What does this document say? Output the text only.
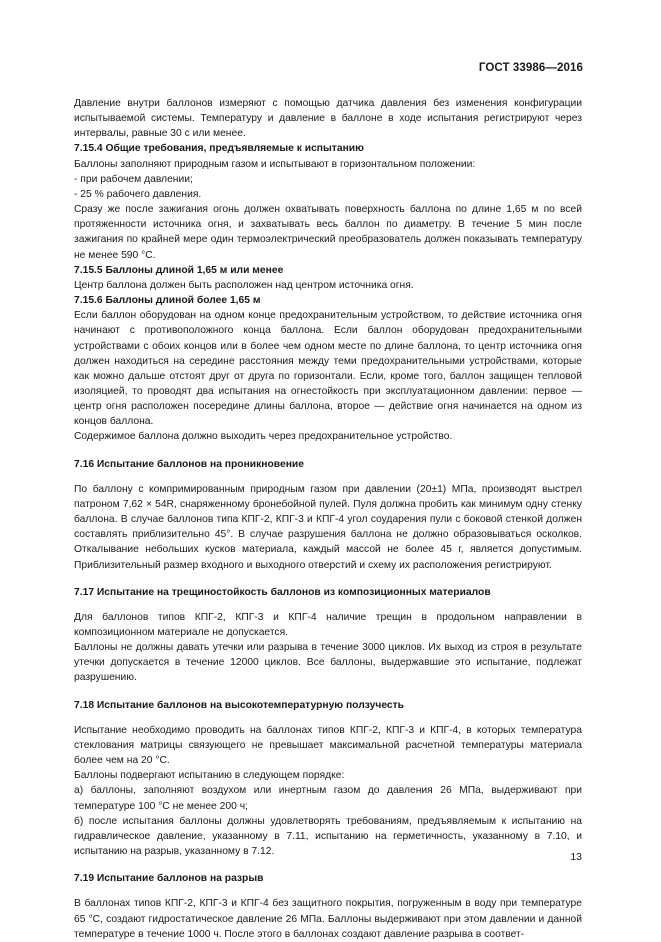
ГОСТ 33986—2016

Давление внутри баллонов измеряют с помощью датчика давления без изменения конфигурации испытываемой системы. Температуру и давление в баллоне в ходе испытания регистрируют через интервалы, равные 30 с или менее.

7.15.4 Общие требования, предъявляемые к испытанию

Баллоны заполняют природным газом и испытывают в горизонтальном положении:

- при рабочем давлении;

- 25 % рабочего давления.

Сразу же после зажигания огонь должен охватывать поверхность баллона по длине 1,65 м по всей протяженности источника огня, и захватывать весь баллон по диаметру. В течение 5 мин после зажигания по крайней мере один термоэлектрический преобразователь должен показывать температуру не менее 590 °С.

7.15.5 Баллоны длиной 1,65 м или менее

Центр баллона должен быть расположен над центром источника огня.

7.15.6 Баллоны длиной более 1,65 м

Если баллон оборудован на одном конце предохранительным устройством, то действие источника огня начинают с противоположного конца баллона. Если баллон оборудован предохранительными устройствами с обоих концов или в более чем одном месте по длине баллона, то центр источника огня должен находиться на середине расстояния между теми предохранительными устройствами, которые как можно дальше отстоят друг от друга по горизонтали. Если, кроме того, баллон защищен тепловой изоляцией, то проводят два испытания на огнестойкость при эксплуатационном давлении: первое — центр огня расположен посередине длины баллона, второе — действие огня начинается на одном из концов баллона.

Содержимое баллона должно выходить через предохранительное устройство.

7.16 Испытание баллонов на проникновение

По баллону с компримированным природным газом при давлении (20±1) МПа, производят выстрел патроном 7,62 × 54R, снаряженному бронебойной пулей. Пуля должна пробить как минимум одну стенку баллона. В случае баллонов типа КПГ-2, КПГ-3 и КПГ-4 угол соударения пули с боковой стенкой должен составлять приблизительно 45°. В случае разрушения баллона не должно образовываться осколков. Откалывание небольших кусков материала, каждый массой не более 45 г, является допустимым. Приблизительный размер входного и выходного отверстий и схему их расположения регистрируют.

7.17 Испытание на трещиностойкость баллонов из композиционных материалов

Для баллонов типов КПГ-2, КПГ-3 и КПГ-4 наличие трещин в продольном направлении в композиционном материале не допускается.

Баллоны не должны давать утечки или разрыва в течение 3000 циклов. Их выход из строя в результате утечки допускается в течение 12000 циклов. Все баллоны, выдержавшие это испытание, подлежат разрушению.

7.18 Испытание баллонов на высокотемпературную ползучесть

Испытание необходимо проводить на баллонах типов КПГ-2, КПГ-3 и КПГ-4, в которых температура стеклования матрицы связующего не превышает максимальной расчетной температуры материала более чем на 20 °С.

Баллоны подвергают испытанию в следующем порядке:

а) баллоны, заполняют воздухом или инертным газом до давления 26 МПа, выдерживают при температуре 100 °С не менее 200 ч;

б) после испытания баллоны должны удовлетворять требованиям, предъявляемым к испытанию на гидравлическое давление, указанному в 7.11, испытанию на герметичность, указанному в 7.10, и испытанию на разрыв, указанному в 7.12.

7.19 Испытание баллонов на разрыв

В баллонах типов КПГ-2, КПГ-3 и КПГ-4 без защитного покрытия, погруженным в воду при температуре 65 °С, создают гидростатическое давление 26 МПа. Баллоны выдерживают при этом давлении и данной температуре в течение 1000 ч. После этого в баллонах создают давление разрыва в соответ-

13
